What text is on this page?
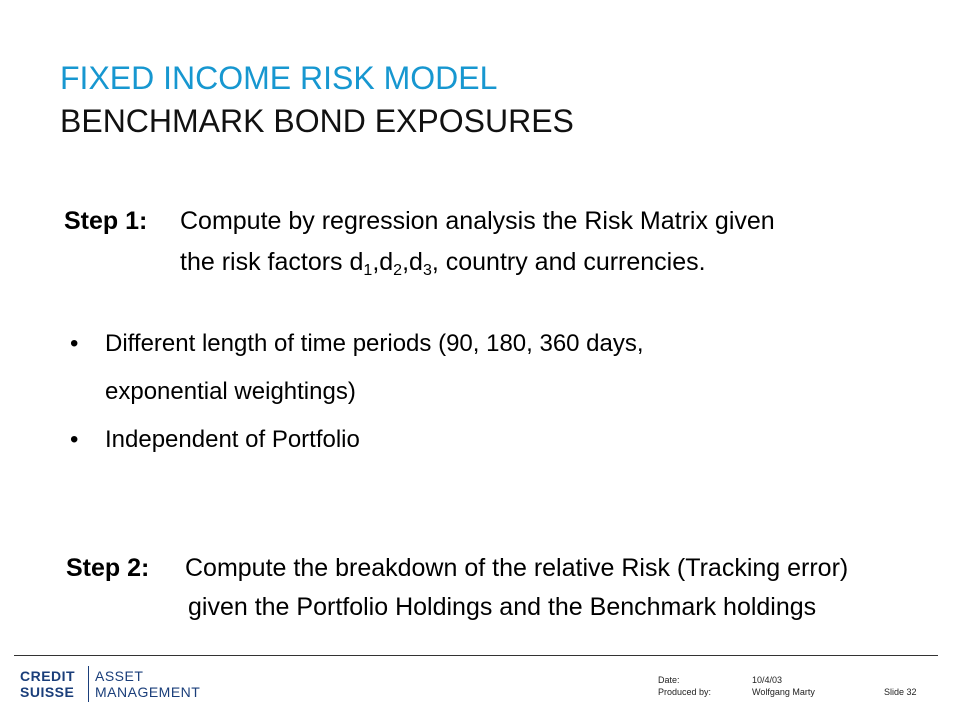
FIXED INCOME RISK MODEL
BENCHMARK BOND EXPOSURES
Step 1: Compute by regression analysis the Risk Matrix given
the risk factors $d_1,d_2,d_3$, country and currencies.
• Different length of time periods (90, 180, 360 days,
exponential weightings)
• Independent of Portfolio
Step 2: Compute the breakdown of the relative Risk (Tracking error)
given the Portfolio Holdings and the Benchmark holdings
CREDIT
SUISSE
ASSET
MANAGEMENT
Date:	10/4/03
Produced by:	Wolfgang Marty	Slide 32
